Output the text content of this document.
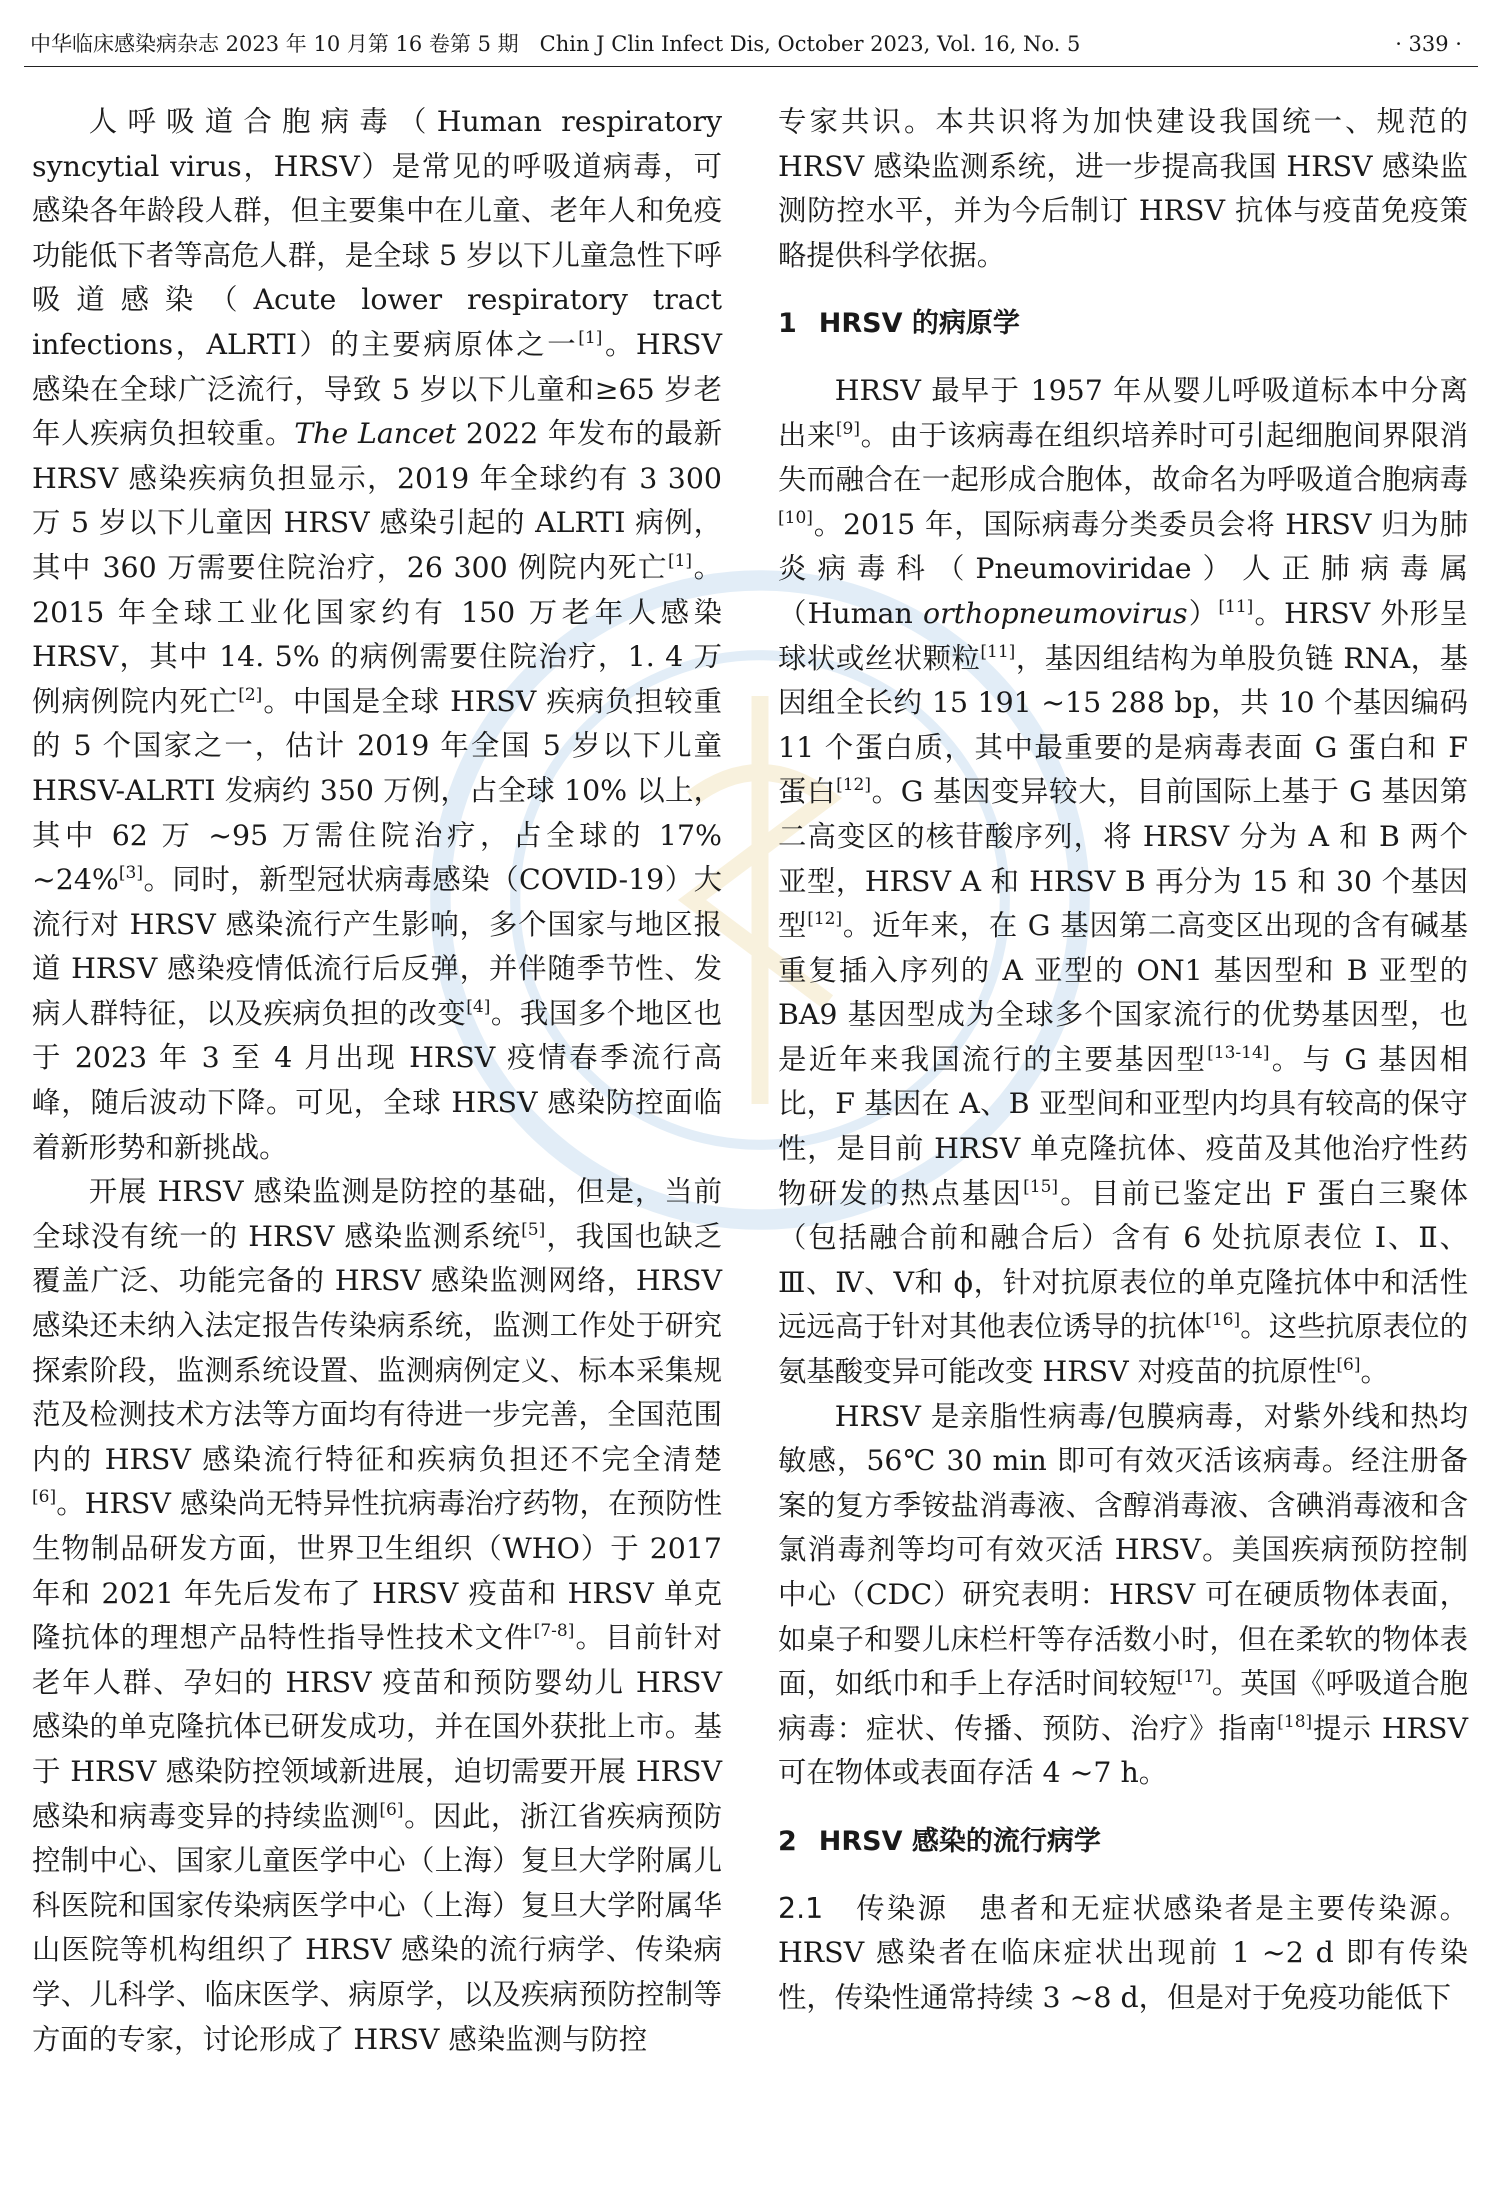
中华临床感染病杂志 2023 年 10 月第 16 卷第 5 期　Chin J Clin Infect Dis, October 2023, Vol. 16, No. 5	· 339 ·

人呼吸道合胞病毒（Human respiratory syncytial virus，HRSV）是常见的呼吸道病毒，可感染各年龄段人群，但主要集中在儿童、老年人和免疫功能低下者等高危人群，是全球 5 岁以下儿童急性下呼吸道感染（Acute lower respiratory tract infections，ALRTI）的主要病原体之一[1]。HRSV 感染在全球广泛流行，导致 5 岁以下儿童和≥65 岁老年人疾病负担较重。The Lancet 2022 年发布的最新 HRSV 感染疾病负担显示，2019 年全球约有 3 300 万 5 岁以下儿童因 HRSV 感染引起的 ALRTI 病例，其中 360 万需要住院治疗，26 300 例院内死亡[1]。2015 年全球工业化国家约有 150 万老年人感染 HRSV，其中 14. 5% 的病例需要住院治疗，1. 4 万例病例院内死亡[2]。中国是全球 HRSV 疾病负担较重的 5 个国家之一，估计 2019 年全国 5 岁以下儿童 HRSV-ALRTI 发病约 350 万例，占全球 10% 以上，其中 62 万 ~95 万需住院治疗，占全球的 17% ~24%[3]。同时，新型冠状病毒感染（COVID-19）大流行对 HRSV 感染流行产生影响，多个国家与地区报道 HRSV 感染疫情低流行后反弹，并伴随季节性、发病人群特征，以及疾病负担的改变[4]。我国多个地区也于 2023 年 3 至 4 月出现 HRSV 疫情春季流行高峰，随后波动下降。可见，全球 HRSV 感染防控面临着新形势和新挑战。

开展 HRSV 感染监测是防控的基础，但是，当前全球没有统一的 HRSV 感染监测系统[5]，我国也缺乏覆盖广泛、功能完备的 HRSV 感染监测网络，HRSV 感染还未纳入法定报告传染病系统，监测工作处于研究探索阶段，监测系统设置、监测病例定义、标本采集规范及检测技术方法等方面均有待进一步完善，全国范围内的 HRSV 感染流行特征和疾病负担还不完全清楚[6]。HRSV 感染尚无特异性抗病毒治疗药物，在预防性生物制品研发方面，世界卫生组织（WHO）于 2017 年和 2021 年先后发布了 HRSV 疫苗和 HRSV 单克隆抗体的理想产品特性指导性技术文件[7-8]。目前针对老年人群、孕妇的 HRSV 疫苗和预防婴幼儿 HRSV 感染的单克隆抗体已研发成功，并在国外获批上市。基于 HRSV 感染防控领域新进展，迫切需要开展 HRSV 感染和病毒变异的持续监测[6]。因此，浙江省疾病预防控制中心、国家儿童医学中心（上海）复旦大学附属儿科医院和国家传染病医学中心（上海）复旦大学附属华山医院等机构组织了 HRSV 感染的流行病学、传染病学、儿科学、临床医学、病原学，以及疾病预防控制等方面的专家，讨论形成了 HRSV 感染监测与防控

专家共识。本共识将为加快建设我国统一、规范的 HRSV 感染监测系统，进一步提高我国 HRSV 感染监测防控水平，并为今后制订 HRSV 抗体与疫苗免疫策略提供科学依据。

1 HRSV 的病原学

HRSV 最早于 1957 年从婴儿呼吸道标本中分离出来[9]。由于该病毒在组织培养时可引起细胞间界限消失而融合在一起形成合胞体，故命名为呼吸道合胞病毒[10]。2015 年，国际病毒分类委员会将 HRSV 归为肺炎病毒科（Pneumoviridae）人正肺病毒属（Human orthopneumovirus）[11]。HRSV 外形呈球状或丝状颗粒[11]，基因组结构为单股负链 RNA，基因组全长约 15 191 ~15 288 bp，共 10 个基因编码 11 个蛋白质，其中最重要的是病毒表面 G 蛋白和 F 蛋白[12]。G 基因变异较大，目前国际上基于 G 基因第二高变区的核苷酸序列，将 HRSV 分为 A 和 B 两个亚型，HRSV A 和 HRSV B 再分为 15 和 30 个基因型[12]。近年来，在 G 基因第二高变区出现的含有碱基重复插入序列的 A 亚型的 ON1 基因型和 B 亚型的 BA9 基因型成为全球多个国家流行的优势基因型，也是近年来我国流行的主要基因型[13-14]。与 G 基因相比，F 基因在 A、B 亚型间和亚型内均具有较高的保守性，是目前 HRSV 单克隆抗体、疫苗及其他治疗性药物研发的热点基因[15]。目前已鉴定出 F 蛋白三聚体（包括融合前和融合后）含有 6 处抗原表位 Ⅰ、Ⅱ、Ⅲ、Ⅳ、Ⅴ和 ϕ，针对抗原表位的单克隆抗体中和活性远远高于针对其他表位诱导的抗体[16]。这些抗原表位的氨基酸变异可能改变 HRSV 对疫苗的抗原性[6]。

HRSV 是亲脂性病毒/包膜病毒，对紫外线和热均敏感，56℃ 30 min 即可有效灭活该病毒。经注册备案的复方季铵盐消毒液、含醇消毒液、含碘消毒液和含氯消毒剂等均可有效灭活 HRSV。美国疾病预防控制中心（CDC）研究表明：HRSV 可在硬质物体表面，如桌子和婴儿床栏杆等存活数小时，但在柔软的物体表面，如纸巾和手上存活时间较短[17]。英国《呼吸道合胞病毒：症状、传播、预防、治疗》指南[18]提示 HRSV 可在物体或表面存活 4 ~7 h。

2 HRSV 感染的流行病学

2.1　 传染源　 患者和无症状感染者是主要传染源。HRSV 感染者在临床症状出现前 1 ~2 d 即有传染性，传染性通常持续 3 ~8 d，但是对于免疫功能低下
